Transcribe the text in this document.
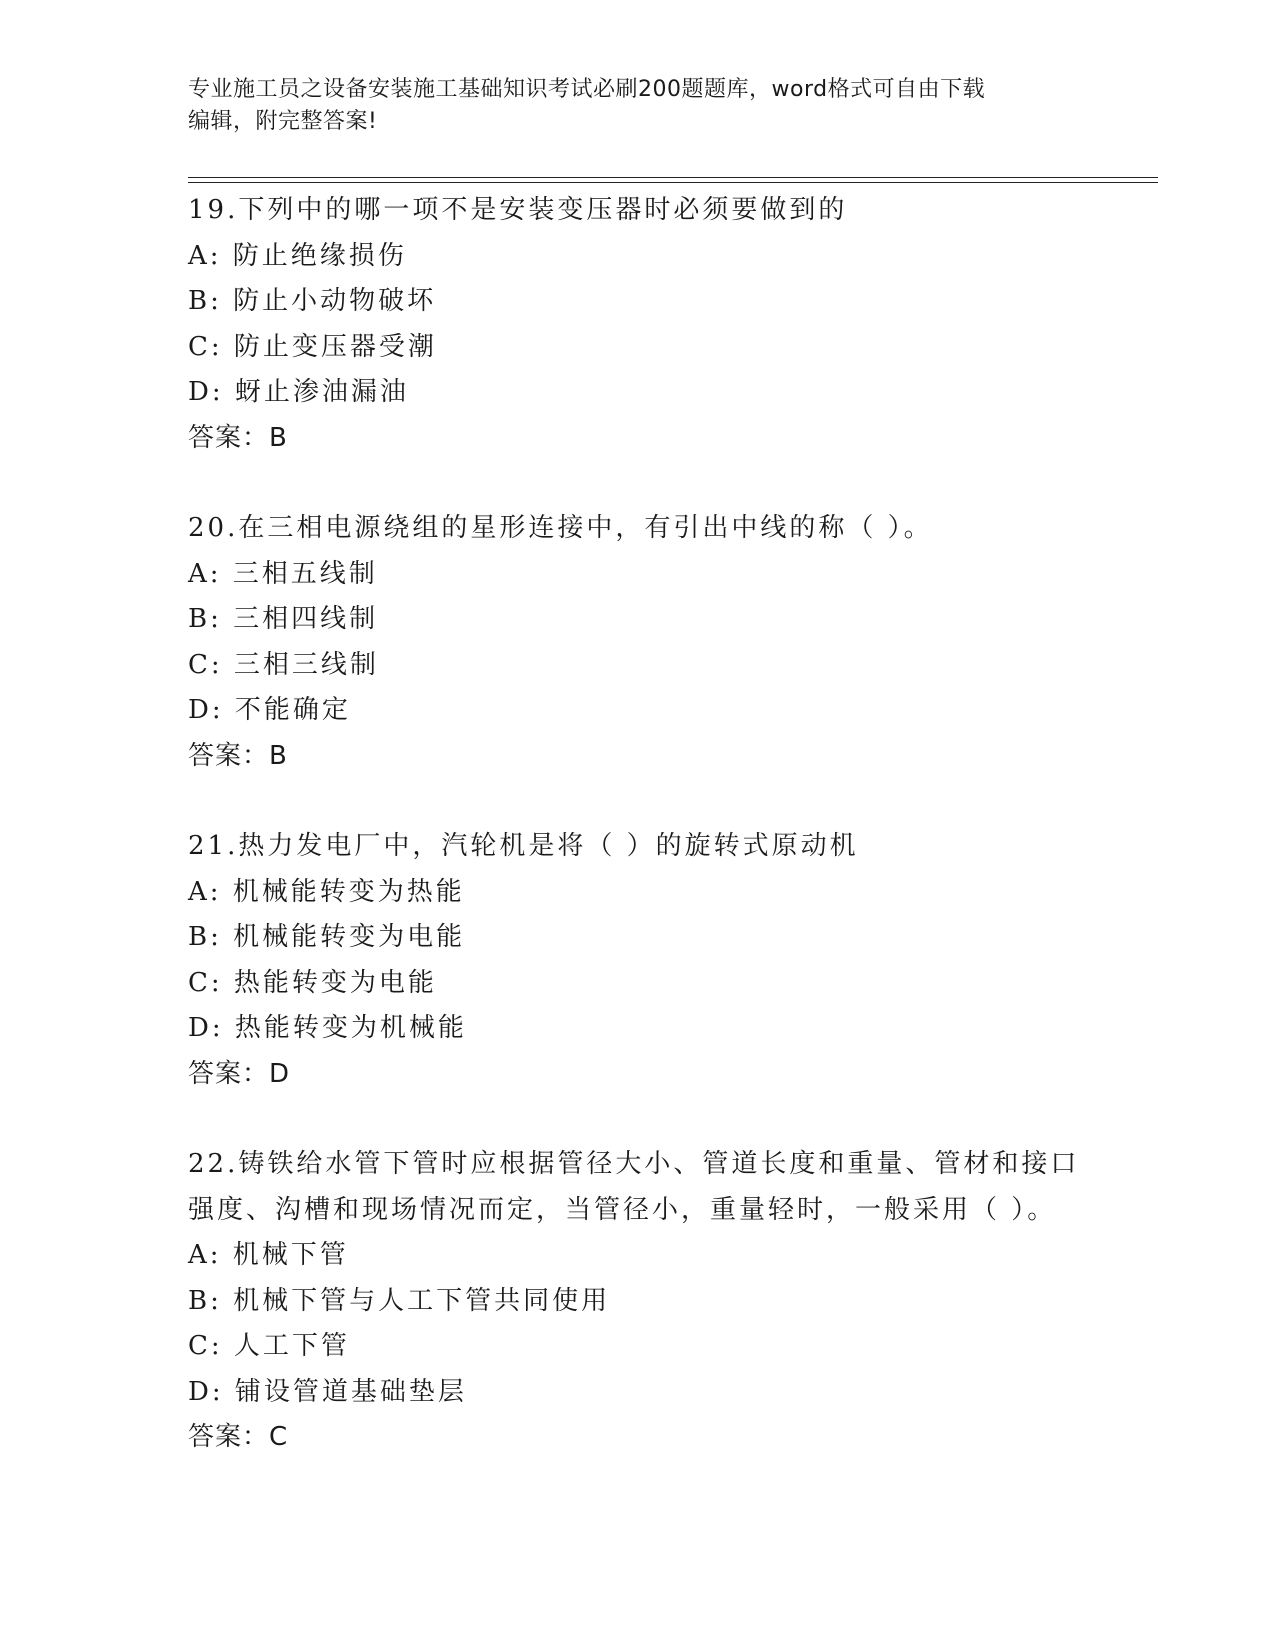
专业施工员之设备安装施工基础知识考试必刷200题题库，word格式可自由下载
编辑，附完整答案!
19.下列中的哪一项不是安装变压器时必须要做到的
A: 防止绝缘损伤
B: 防止小动物破坏
C: 防止变压器受潮
D: 蚜止渗油漏油
答案：B
20.在三相电源绕组的星形连接中，有引出中线的称（ ）。
A: 三相五线制
B: 三相四线制
C: 三相三线制
D: 不能确定
答案：B
21.热力发电厂中，汽轮机是将（ ）的旋转式原动机
A: 机械能转变为热能
B: 机械能转变为电能
C: 热能转变为电能
D: 热能转变为机械能
答案：D
22.铸铁给水管下管时应根据管径大小、管道长度和重量、管材和接口
强度、沟槽和现场情况而定，当管径小，重量轻时，一般采用（ ）。
A: 机械下管
B: 机械下管与人工下管共同使用
C: 人工下管
D: 铺设管道基础垫层
答案：C
